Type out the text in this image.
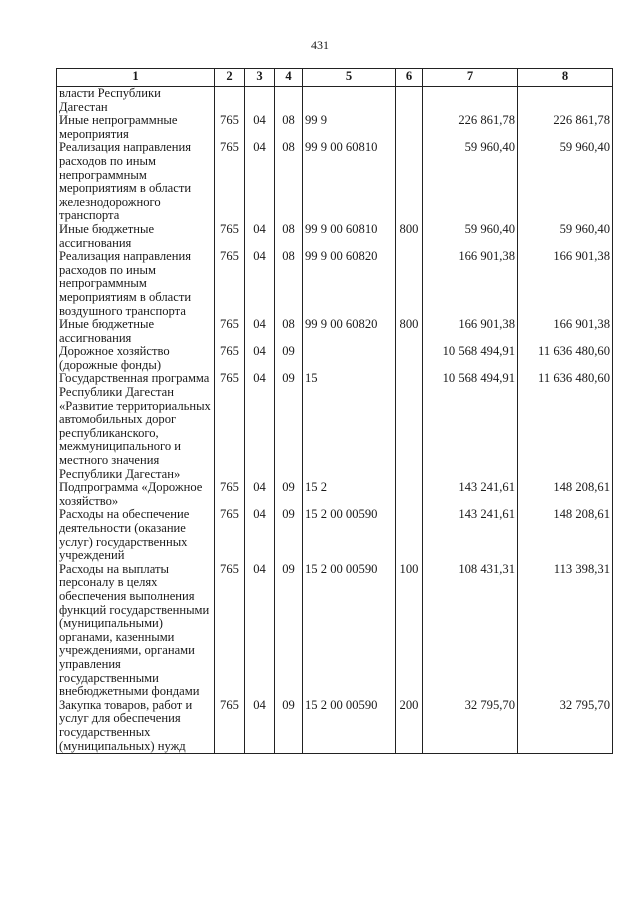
431
1	2	3	4	5	6	7	8
власти Республики Дагестан							
Иные непрограммные мероприятия	765	04	08	99 9		226 861,78	226 861,78
Реализация направления расходов по иным непрограммным мероприятиям в области железнодорожного транспорта	765	04	08	99 9 00 60810		59 960,40	59 960,40
Иные бюджетные ассигнования	765	04	08	99 9 00 60810	800	59 960,40	59 960,40
Реализация направления расходов по иным непрограммным мероприятиям в области воздушного транспорта	765	04	08	99 9 00 60820		166 901,38	166 901,38
Иные бюджетные ассигнования	765	04	08	99 9 00 60820	800	166 901,38	166 901,38
Дорожное хозяйство (дорожные фонды)	765	04	09			10 568 494,91	11 636 480,60
Государственная программа Республики Дагестан «Развитие территориальных автомобильных дорог республиканского, межмуниципального и местного значения Республики Дагестан»	765	04	09	15		10 568 494,91	11 636 480,60
Подпрограмма «Дорожное хозяйство»	765	04	09	15 2		143 241,61	148 208,61
Расходы на обеспечение деятельности (оказание услуг) государственных учреждений	765	04	09	15 2 00 00590		143 241,61	148 208,61
Расходы на выплаты персоналу в целях обеспечения выполнения функций государственными (муниципальными) органами, казенными учреждениями, органами управления государственными внебюджетными фондами	765	04	09	15 2 00 00590	100	108 431,31	113 398,31
Закупка товаров, работ и услуг для обеспечения государственных (муниципальных) нужд	765	04	09	15 2 00 00590	200	32 795,70	32 795,70
